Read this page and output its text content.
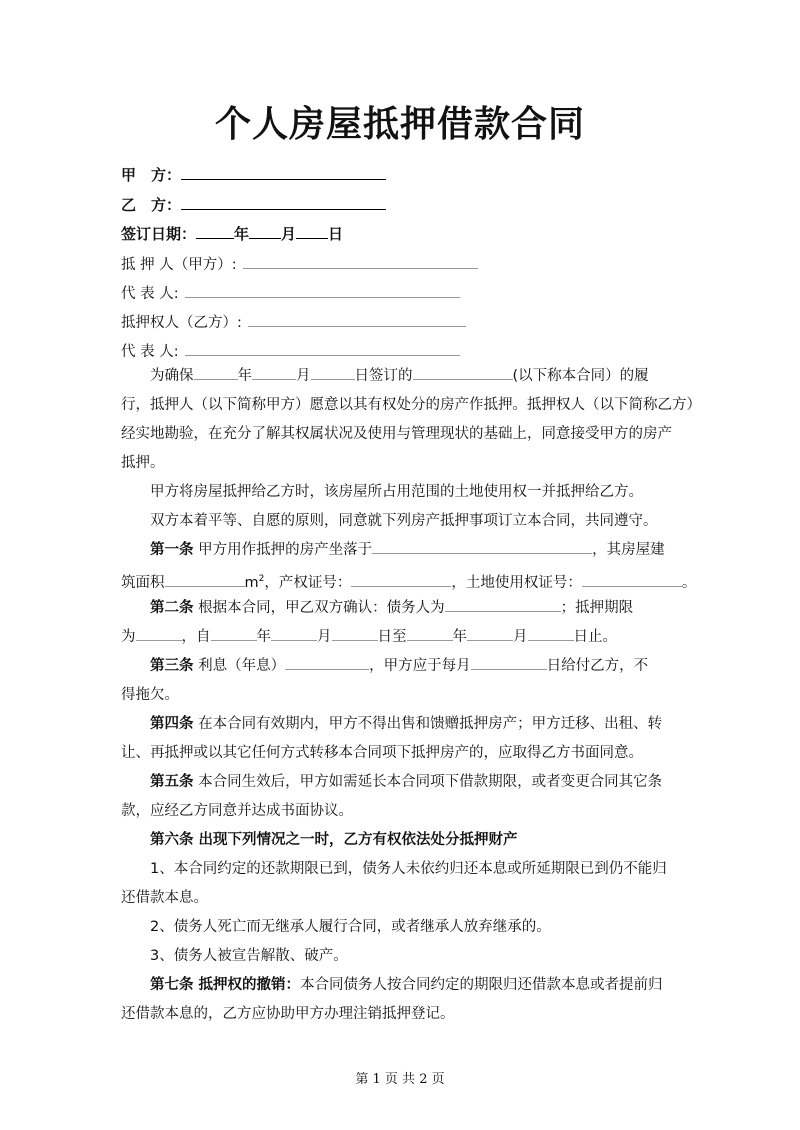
个人房屋抵押借款合同
甲　方：
乙　方：
签订日期：	年 月 日
抵 押 人（甲方）:
代 表 人:
抵押权人（乙方）:
代 表 人:
为确保	年	月	日签订的	(以下称本合同）的履
行，抵押人（以下简称甲方）愿意以其有权处分的房产作抵押。抵押权人（以下简称乙方）
经实地勘验，在充分了解其权属状况及使用与管理现状的基础上，同意接受甲方的房产
抵押。
甲方将房屋抵押给乙方时，该房屋所占用范围的土地使用权一并抵押给乙方。
双方本着平等、自愿的原则，同意就下列房产抵押事项订立本合同，共同遵守。
第一条 甲方用作抵押的房产坐落于	，其房屋建
筑面积	$m^2$，产权证号：	，土地使用权证号：	。
第二条 根据本合同，甲乙双方确认：债务人为	；抵押期限
为	，自	年	月	日至	年	月	日止。
第三条 利息（年息）	，甲方应于每月	日给付乙方，不
得拖欠。
第四条 在本合同有效期内，甲方不得出售和馈赠抵押房产；甲方迁移、出租、转
让、再抵押或以其它任何方式转移本合同项下抵押房产的，应取得乙方书面同意。
第五条 本合同生效后，甲方如需延长本合同项下借款期限，或者变更合同其它条
款，应经乙方同意并达成书面协议。
第六条 出现下列情况之一时，乙方有权依法处分抵押财产
1、本合同约定的还款期限已到，债务人未依约归还本息或所延期限已到仍不能归
还借款本息。
2、债务人死亡而无继承人履行合同，或者继承人放弃继承的。
3、债务人被宣告解散、破产。
第七条 抵押权的撤销：本合同债务人按合同约定的期限归还借款本息或者提前归
还借款本息的，乙方应协助甲方办理注销抵押登记。
第 1 页 共 2 页
